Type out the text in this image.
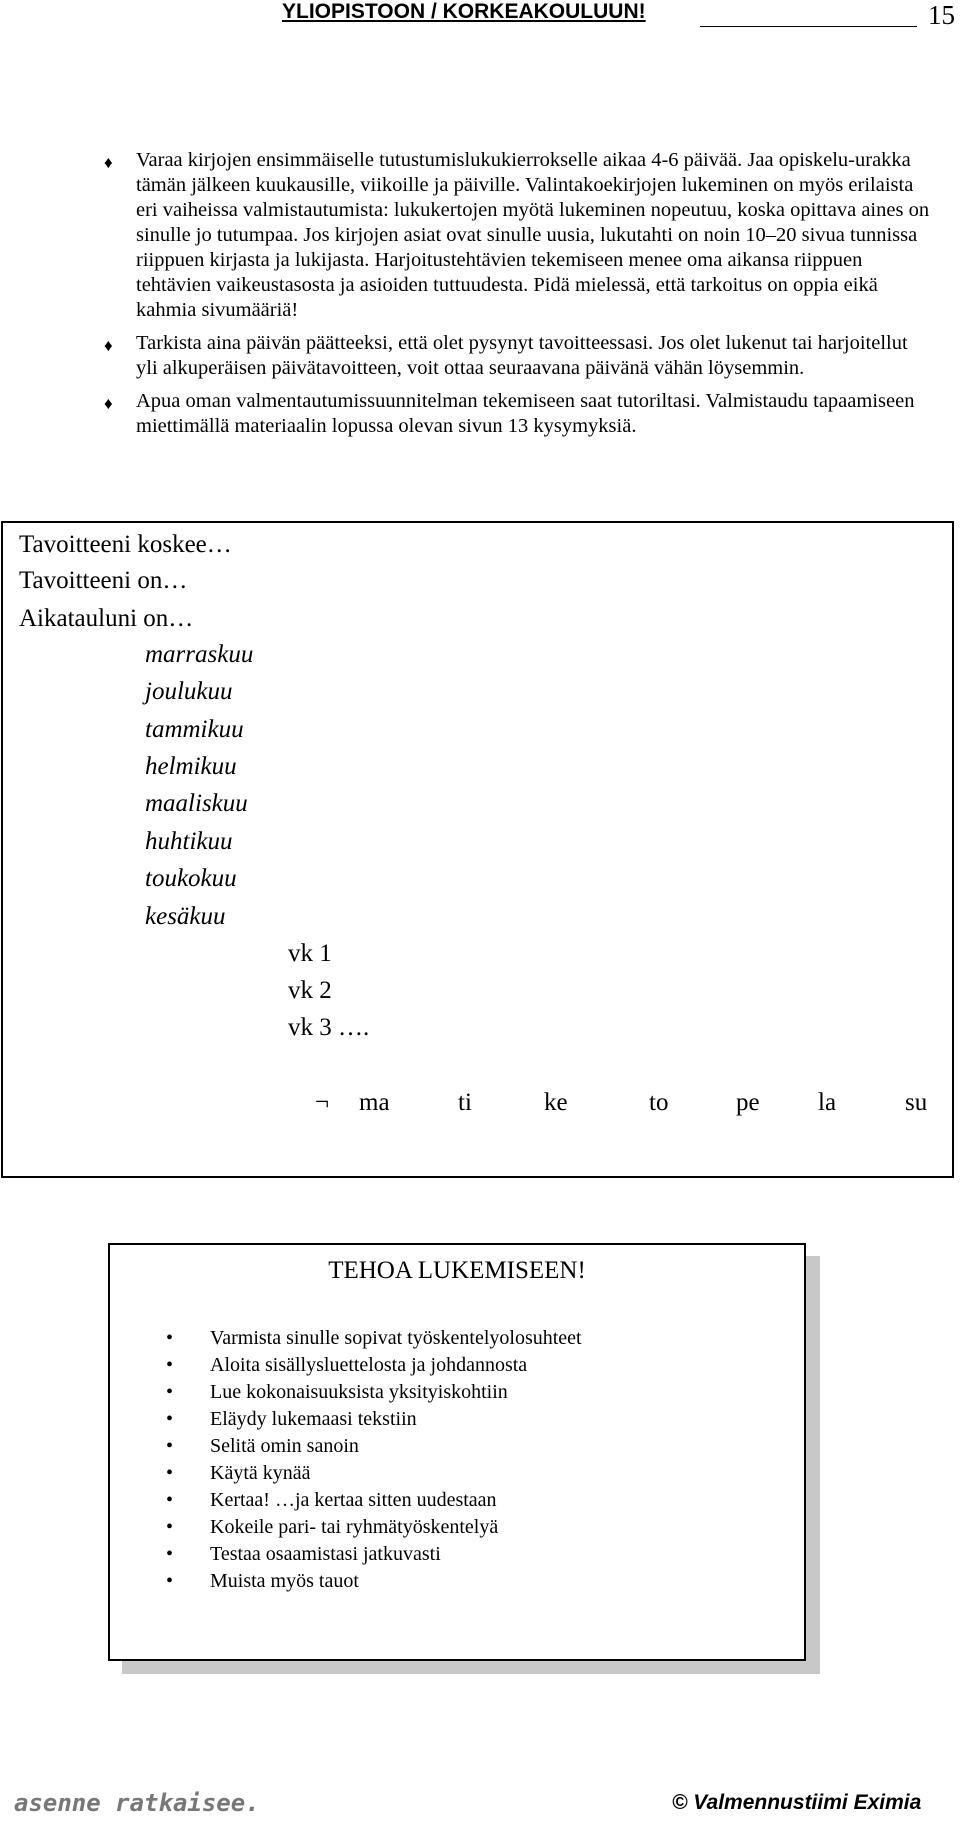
YLIOPISTOON / KORKEAKOULUUN!	15
♦ Varaa kirjojen ensimmäiselle tutustumislukukierrokselle aikaa 4-6 päivää. Jaa opiskelu-urakka tämän jälkeen kuukausille, viikoille ja päiville. Valintakoekirjojen lukeminen on myös erilaista eri vaiheissa valmistautumista: lukukertojen myötä lukeminen nopeutuu, koska opittava aines on sinulle jo tutumpaa. Jos kirjojen asiat ovat sinulle uusia, lukutahti on noin 10–20 sivua tunnissa riippuen kirjasta ja lukijasta. Harjoitustehtävien tekemiseen menee oma aikansa riippuen tehtävien vaikeustasosta ja asioiden tuttuudesta. Pidä mielessä, että tarkoitus on oppia eikä kahmia sivumääriä!
♦ Tarkista aina päivän päätteeksi, että olet pysynyt tavoitteessasi. Jos olet lukenut tai harjoitellut yli alkuperäisen päivätavoitteen, voit ottaa seuraavana päivänä vähän löysemmin.
♦ Apua oman valmentautumissuunnitelman tekemiseen saat tutoriltasi. Valmistaudu tapaamiseen miettimällä materiaalin lopussa olevan sivun 13 kysymyksiä.
Tavoitteeni koskee…
Tavoitteeni on…
Aikatauluni on…
marraskuu
joulukuu
tammikuu
helmikuu
maaliskuu
huhtikuu
toukokuu
kesäkuu
vk 1
vk 2
vk 3 ….
¬ ma	ti	ke	to	pe la	su
TEHOA LUKEMISEEN!
• Varmista sinulle sopivat työskentelyolosuhteet
• Aloita sisällysluettelosta ja johdannosta
• Lue kokonaisuuksista yksityiskohtiin
• Eläydy lukemaasi tekstiin
• Selitä omin sanoin
• Käytä kynää
• Kertaa! …ja kertaa sitten uudestaan
• Kokeile pari- tai ryhmätyöskentelyä
• Testaa osaamistasi jatkuvasti
• Muista myös tauot
asenne ratkaisee.	© Valmennustiimi Eximia
